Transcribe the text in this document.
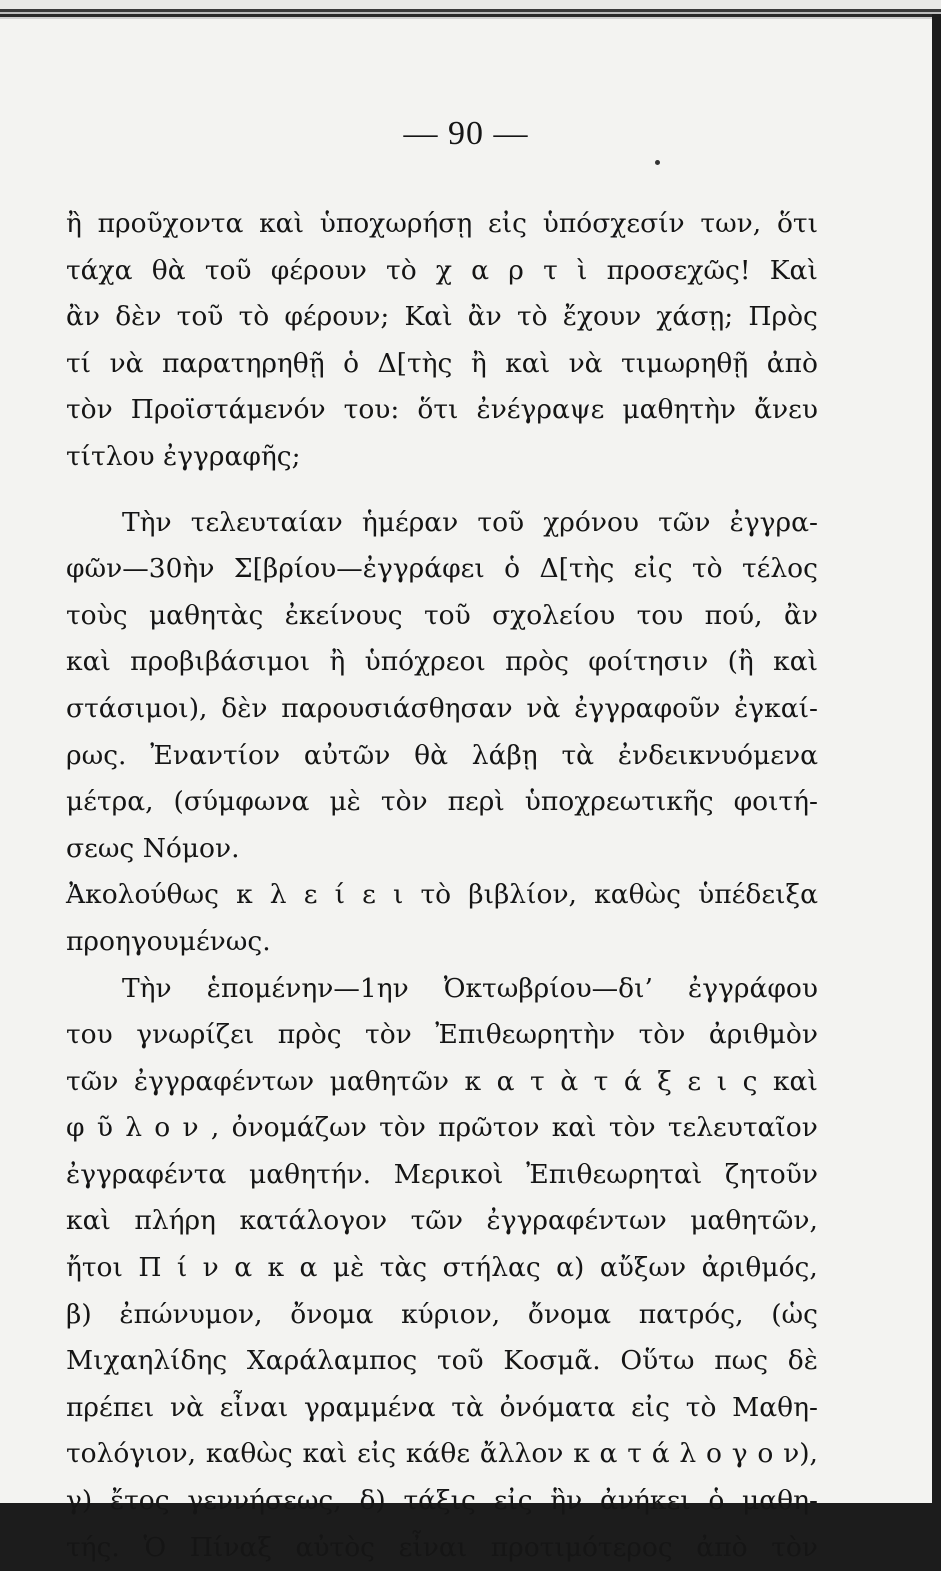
— 90 —
ἢ προῦχοντα καὶ ὑποχωρήσῃ εἰς ὑπόσχεσίν των, ὅτι
τάχα θὰ τοῦ φέρουν τὸ χ α ρ τ ὶ προσεχῶς! Καὶ
ἂν δὲν τοῦ τὸ φέρουν; Καὶ ἂν τὸ ἔχουν χάσῃ; Πρὸς
τί νὰ παρατηρηθῇ ὁ Δ[τὴς ἢ καὶ νὰ τιμωρηθῇ ἀπὸ
τὸν Προϊστάμενόν του: ὅτι ἐνέγραψε μαθητὴν ἄνευ
τίτλου ἐγγραφῆς;
Τὴν τελευταίαν ἡμέραν τοῦ χρόνου τῶν ἐγγρα-
φῶν—30ὴν Σ[βρίου—ἐγγράφει ὁ Δ[τὴς εἰς τὸ τέλος
τοὺς μαθητὰς ἐκείνους τοῦ σχολείου του πού, ἂν
καὶ προβιβάσιμοι ἢ ὑπόχρεοι πρὸς φοίτησιν (ἢ καὶ
στάσιμοι), δὲν παρουσιάσθησαν νὰ ἐγγραφοῦν ἐγκαί-
ρως. Ἐναντίον αὐτῶν θὰ λάβῃ τὰ ἐνδεικνυόμενα
μέτρα, (σύμφωνα μὲ τὸν περὶ ὑποχρεωτικῆς φοιτή-
σεως Νόμον.
Ἀκολούθως κ λ ε ί ε ι τὸ βιβλίον, καθὼς ὑπέδειξα
προηγουμένως.
Τὴν ἑπομένην—1ην Ὀκτωβρίου—δι’ ἐγγράφου
του γνωρίζει πρὸς τὸν Ἐπιθεωρητὴν τὸν ἀριθμὸν
τῶν ἐγγραφέντων μαθητῶν κ α τ ὰ τ ά ξ ε ι ς καὶ
φ ῦ λ ο ν , ὀνομάζων τὸν πρῶτον καὶ τὸν τελευταῖον
ἐγγραφέντα μαθητήν. Μερικοὶ Ἐπιθεωρηταὶ ζητοῦν
καὶ πλήρη κατάλογον τῶν ἐγγραφέντων μαθητῶν,
ἤτοι Π ί ν α κ α μὲ τὰς στήλας α) αὔξων ἀριθμός,
β) ἐπώνυμον, ὄνομα κύριον, ὄνομα πατρός, (ὡς
Μιχαηλίδης Χαράλαμπος τοῦ Κοσμᾶ. Οὕτω πως δὲ
πρέπει νὰ εἶναι γραμμένα τὰ ὀνόματα εἰς τὸ Μαθη-
τολόγιον, καθὼς καὶ εἰς κάθε ἄλλον κ α τ ά λ ο γ ο ν),
γ) ἔτος γεννήσεως, δ) τάξις εἰς ἣν ἀνήκει ὁ μαθη-
τής. Ὁ Πίναξ αὐτὸς εἶναι προτιμότερος ἀπὸ τὸν
